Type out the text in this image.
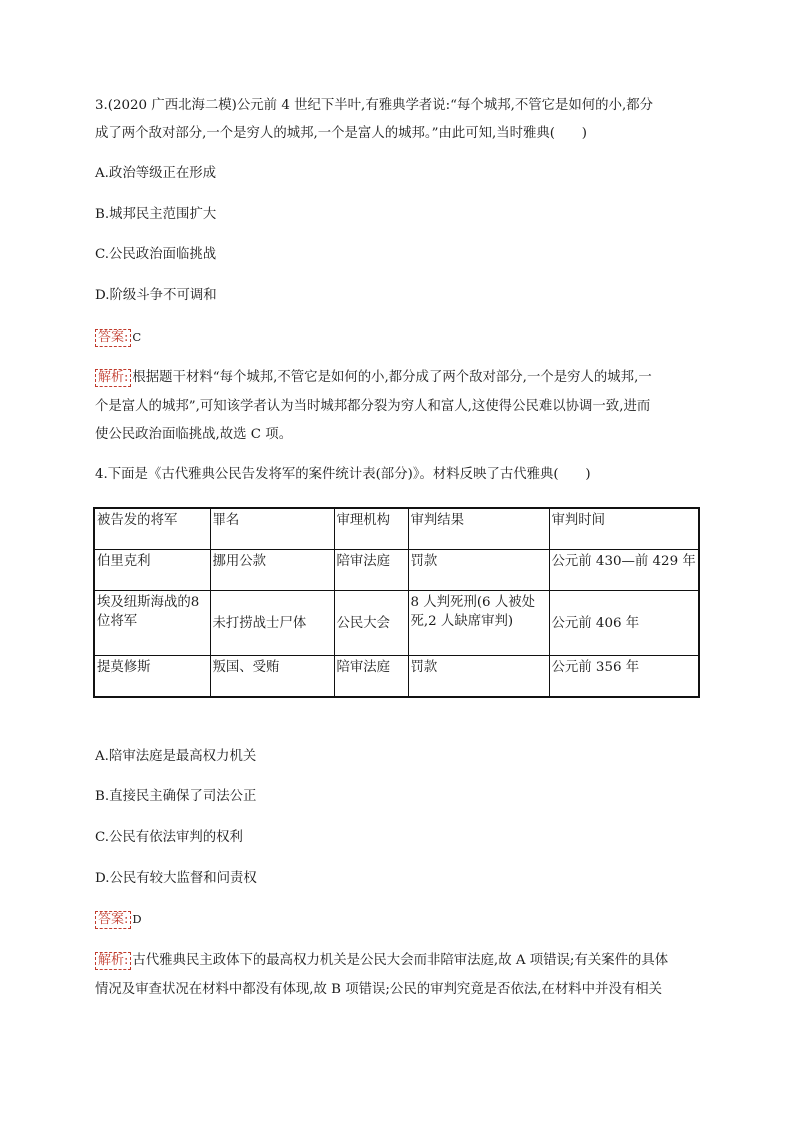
3.(2020 广西北海二模)公元前 4 世纪下半叶,有雅典学者说:“每个城邦,不管它是如何的小,都分

成了两个敌对部分,一个是穷人的城邦,一个是富人的城邦。”由此可知,当时雅典(　　)

A.政治等级正在形成

B.城邦民主范围扩大

C.公民政治面临挑战

D.阶级斗争不可调和

答案: C

解析: 根据题干材料“每个城邦,不管它是如何的小,都分成了两个敌对部分,一个是穷人的城邦,一

个是富人的城邦”,可知该学者认为当时城邦都分裂为穷人和富人,这使得公民难以协调一致,进而

使公民政治面临挑战,故选 C 项。

4.下面是《古代雅典公民告发将军的案件统计表(部分)》。材料反映了古代雅典(　　)

被告发的将军	罪名	审理机构	审判结果	审判时间
伯里克利	挪用公款	陪审法庭	罚款	公元前 430—前 429 年
埃及纽斯海战的8 位将军	未打捞战士尸体	公民大会	8 人判死刑(6 人被处死,2 人缺席审判)	公元前 406 年
提莫修斯	叛国、受贿	陪审法庭	罚款	公元前 356 年

A.陪审法庭是最高权力机关

B.直接民主确保了司法公正

C.公民有依法审判的权利

D.公民有较大监督和问责权

答案: D

解析: 古代雅典民主政体下的最高权力机关是公民大会而非陪审法庭,故 A 项错误;有关案件的具体

情况及审查状况在材料中都没有体现,故 B 项错误;公民的审判究竟是否依法,在材料中并没有相关
